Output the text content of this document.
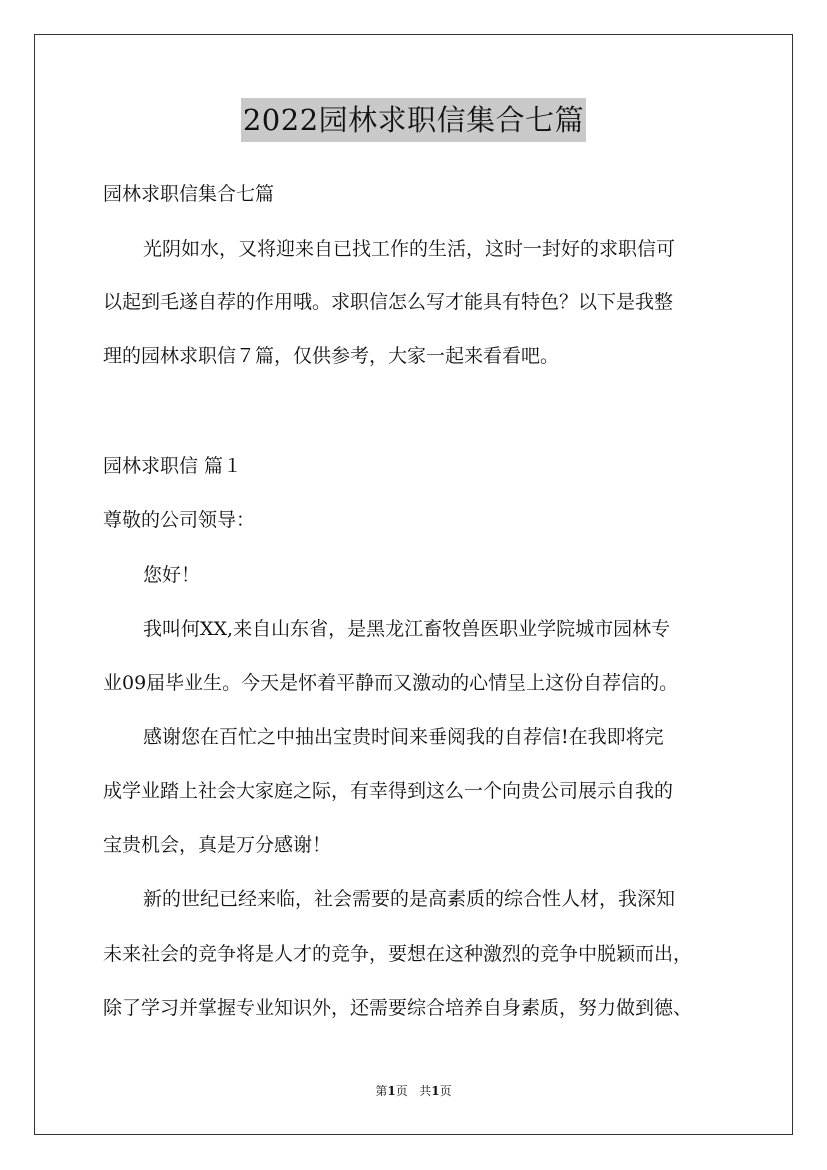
2022园林求职信集合七篇
园林求职信集合七篇
光阴如水，又将迎来自已找工作的生活，这时一封好的求职信可
以起到毛遂自荐的作用哦。求职信怎么写才能具有特色？以下是我整
理的园林求职信７篇，仅供参考，大家一起来看看吧。
园林求职信 篇１
尊敬的公司领导：
您好！
我叫何XX,来自山东省，是黑龙江畜牧兽医职业学院城市园林专
业09届毕业生。今天是怀着平静而又激动的心情呈上这份自荐信的。
感谢您在百忙之中抽出宝贵时间来垂阅我的自荐信!在我即将完
成学业踏上社会大家庭之际，有幸得到这么一个向贵公司展示自我的
宝贵机会，真是万分感谢！
新的世纪已经来临，社会需要的是高素质的综合性人材，我深知
未来社会的竞争将是人才的竞争，要想在这种激烈的竞争中脱颖而出，
除了学习并掌握专业知识外，还需要综合培养自身素质，努力做到德、
第1页 共1页
